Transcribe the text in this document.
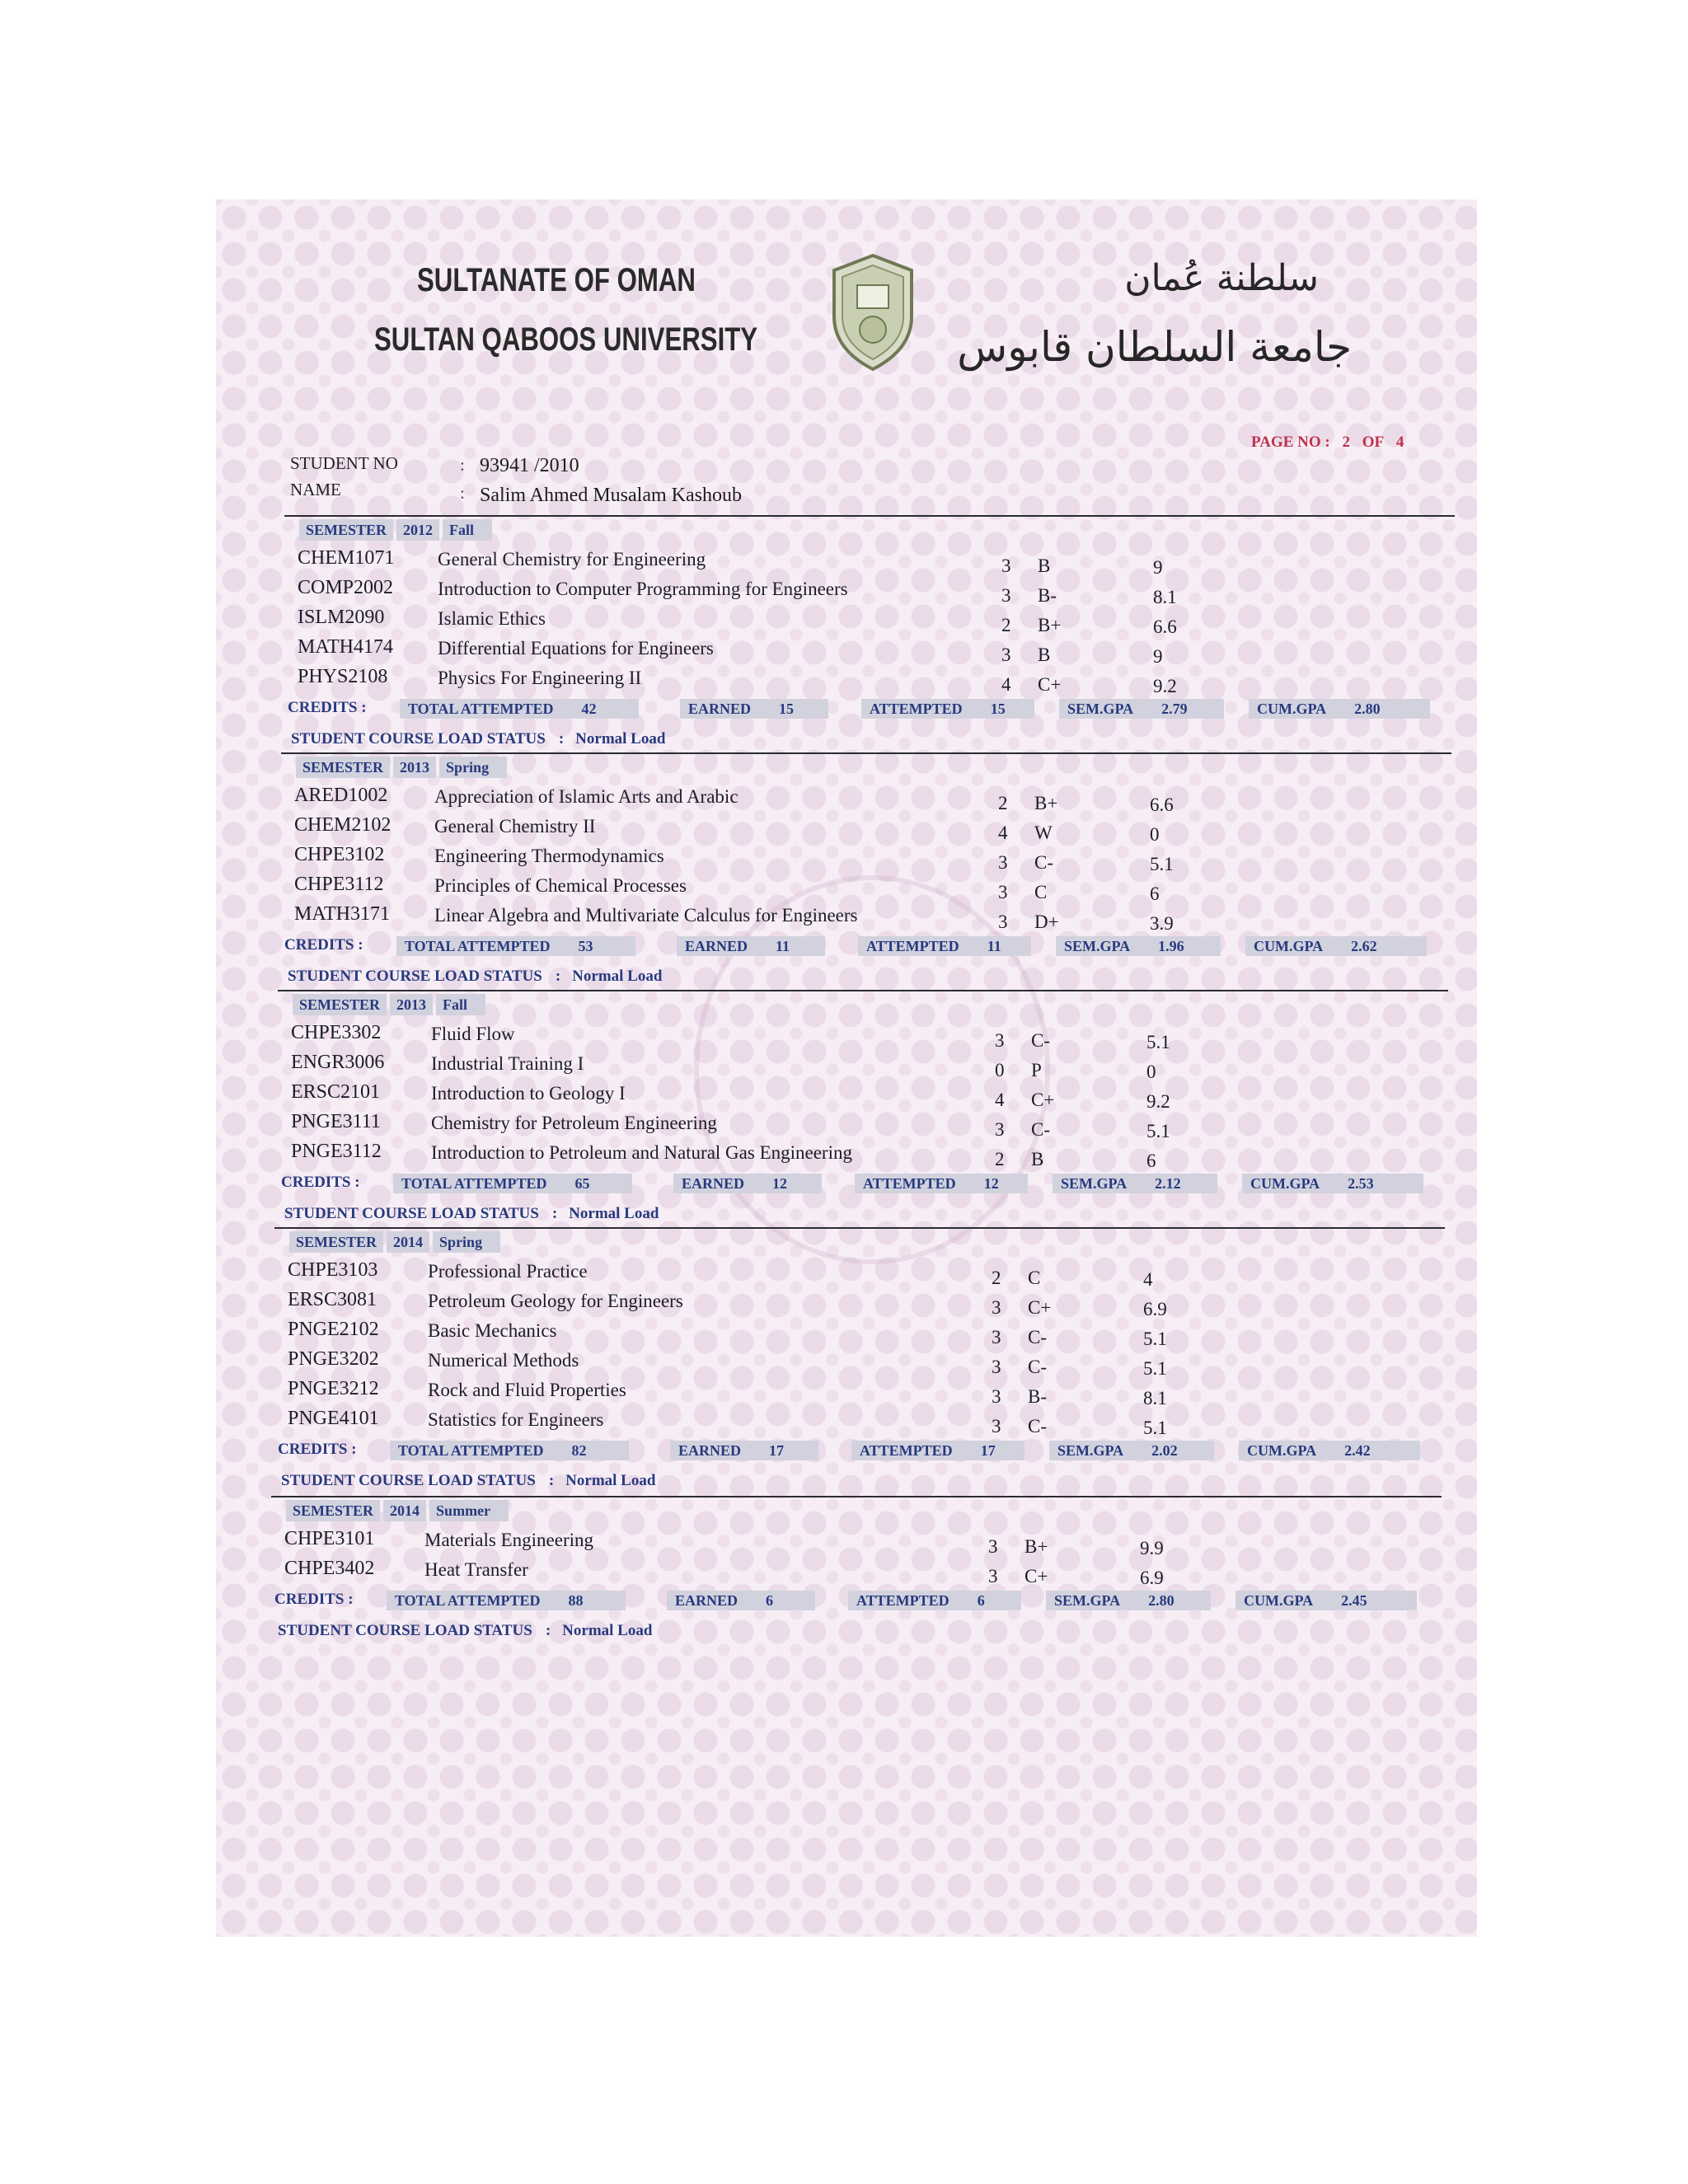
SULTANATE OF OMAN
SULTAN QABOOS UNIVERSITY
سلطنة عُمان
جامعة السلطان قابوس
PAGE NO : 2 OF 4
STUDENT NO	: 93941 /2010
NAME	: Salim Ahmed Musalam Kashoub
SEMESTER 2012 Fall
CHEM1071 General Chemistry for Engineering	3 B	9
COMP2002 Introduction to Computer Programming for Engineers	3 B-	8.1
ISLM2090	Islamic Ethics	2 B+	6.6
MATH4174 Differential Equations for Engineers	3 B	9
PHYS2108	Physics For Engineering II	4 C+	9.2
CREDITS :	TOTAL ATTEMPTED 42	EARNED 15	ATTEMPTED 15	SEM.GPA 2.79	CUM.GPA 2.80
STUDENT COURSE LOAD STATUS : Normal Load
SEMESTER 2013 Spring
ARED1002 Appreciation of Islamic Arts and Arabic	2 B+	6.6
CHEM2102 General Chemistry II	4 W	0
CHPE3102	Engineering Thermodynamics	3 C-	5.1
CHPE3112	Principles of Chemical Processes	3 C	6
MATH3171 Linear Algebra and Multivariate Calculus for Engineers	3 D+	3.9
CREDITS :	TOTAL ATTEMPTED 53	EARNED 11	ATTEMPTED 11	SEM.GPA 1.96	CUM.GPA 2.62
STUDENT COURSE LOAD STATUS : Normal Load
SEMESTER 2013 Fall
CHPE3302	Fluid Flow	3 C-	5.1
ENGR3006 Industrial Training I	0 P	0
ERSC2101	Introduction to Geology I	4 C+	9.2
PNGE3111	Chemistry for Petroleum Engineering	3 C-	5.1
PNGE3112	Introduction to Petroleum and Natural Gas Engineering	2 B	6
CREDITS :	TOTAL ATTEMPTED 65	EARNED 12	ATTEMPTED 12	SEM.GPA 2.12	CUM.GPA 2.53
STUDENT COURSE LOAD STATUS : Normal Load
SEMESTER 2014 Spring
CHPE3103	Professional Practice	2 C	4
ERSC3081	Petroleum Geology for Engineers	3 C+	6.9
PNGE2102	Basic Mechanics	3 C-	5.1
PNGE3202	Numerical Methods	3 C-	5.1
PNGE3212	Rock and Fluid Properties	3 B-	8.1
PNGE4101	Statistics for Engineers	3 C-	5.1
CREDITS :	TOTAL ATTEMPTED 82	EARNED 17	ATTEMPTED 17	SEM.GPA 2.02	CUM.GPA 2.42
STUDENT COURSE LOAD STATUS : Normal Load
SEMESTER 2014 Summer
CHPE3101	Materials Engineering	3 B+	9.9
CHPE3402	Heat Transfer	3 C+	6.9
CREDITS :	TOTAL ATTEMPTED 88	EARNED 6	ATTEMPTED 6	SEM.GPA 2.80	CUM.GPA 2.45
STUDENT COURSE LOAD STATUS : Normal Load
